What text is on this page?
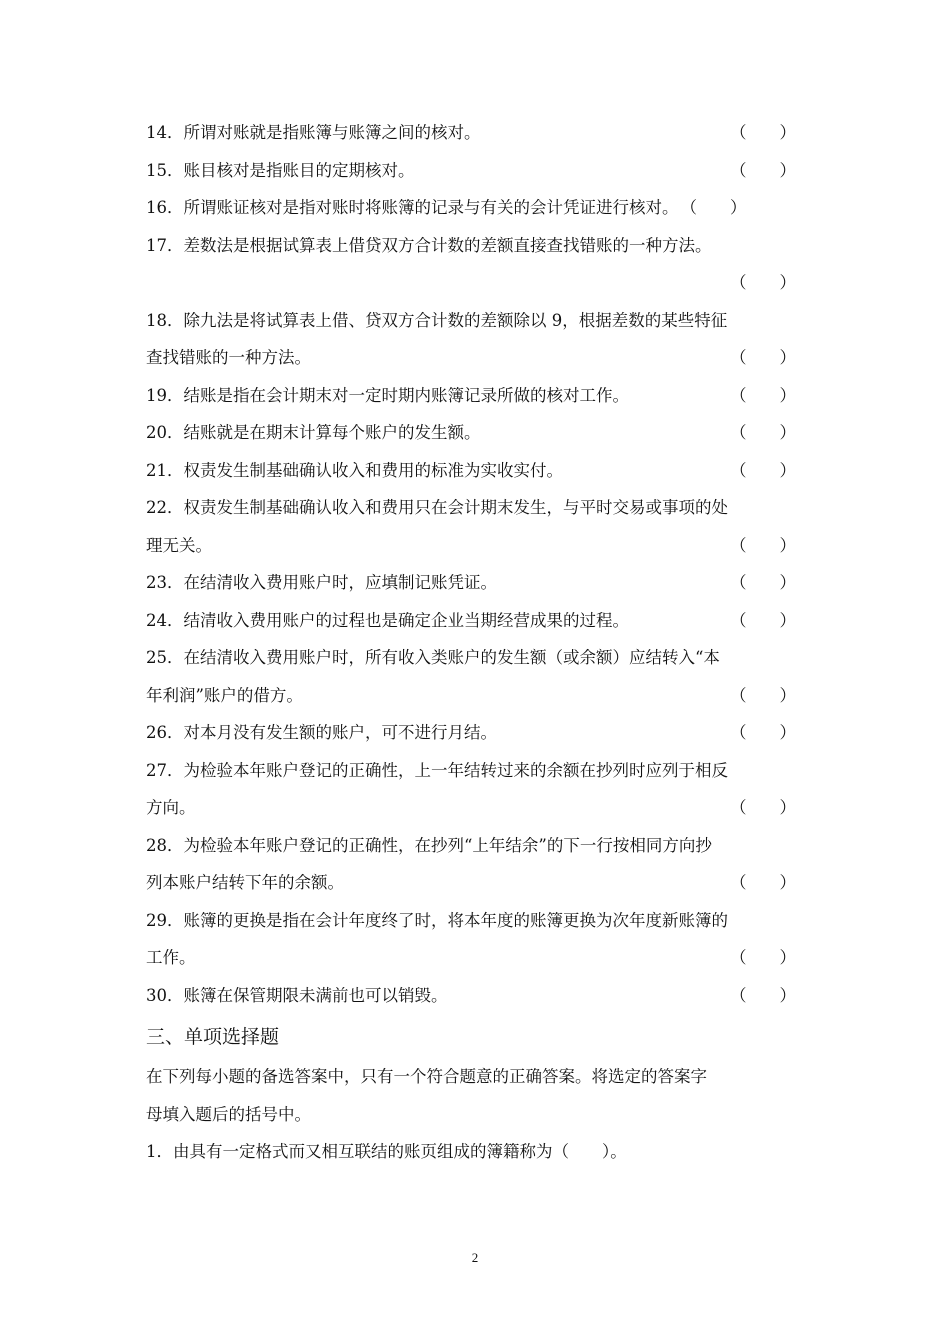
14．所谓对账就是指账簿与账簿之间的核对。	（　　）
15．账目核对是指账目的定期核对。	（　　）
16．所谓账证核对是指对账时将账簿的记录与有关的会计凭证进行核对。 （　　）
17．差数法是根据试算表上借贷双方合计数的差额直接查找错账的一种方法。
（　　）
18．除九法是将试算表上借、贷双方合计数的差额除以 9，根据差数的某些特征
查找错账的一种方法。	（　　）
19．结账是指在会计期末对一定时期内账簿记录所做的核对工作。	（　　）
20．结账就是在期末计算每个账户的发生额。	（　　）
21．权责发生制基础确认收入和费用的标准为实收实付。	（　　）
22．权责发生制基础确认收入和费用只在会计期末发生，与平时交易或事项的处
理无关。	（　　）
23．在结清收入费用账户时，应填制记账凭证。	（　　）
24．结清收入费用账户的过程也是确定企业当期经营成果的过程。	（　　）
25．在结清收入费用账户时，所有收入类账户的发生额（或余额）应结转入“本
年利润”账户的借方。	（　　）
26．对本月没有发生额的账户，可不进行月结。	（　　）
27．为检验本年账户登记的正确性，上一年结转过来的余额在抄列时应列于相反
方向。	（　　）
28．为检验本年账户登记的正确性，在抄列“上年结余”的下一行按相同方向抄
列本账户结转下年的余额。	（　　）
29．账簿的更换是指在会计年度终了时，将本年度的账簿更换为次年度新账簿的
工作。	（　　）
30．账簿在保管期限未满前也可以销毁。	（　　）
三、单项选择题
在下列每小题的备选答案中，只有一个符合题意的正确答案。将选定的答案字
母填入题后的括号中。
1．由具有一定格式而又相互联结的账页组成的簿籍称为（　　）。
2
